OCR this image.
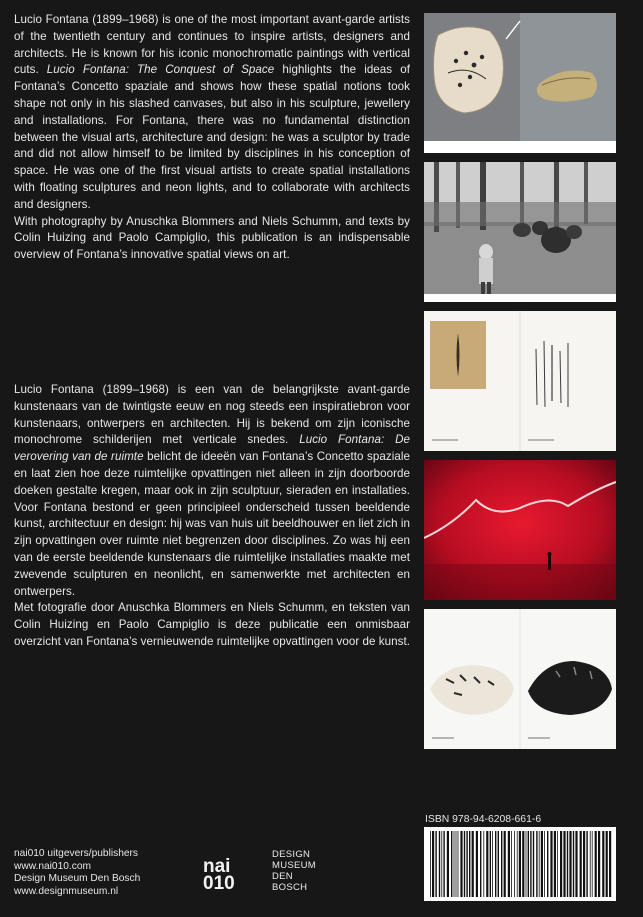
Lucio Fontana (1899–1968) is one of the most important avant-garde artists of the twentieth century and continues to inspire artists, designers and architects. He is known for his iconic monochromatic paintings with vertical cuts. Lucio Fontana: The Conquest of Space highlights the ideas of Fontana’s Concetto spaziale and shows how these spatial notions took shape not only in his slashed canvases, but also in his sculpture, jewellery and installations. For Fontana, there was no fundamental distinction between the visual arts, architecture and design: he was a sculptor by trade and did not allow himself to be limited by disciplines in his conception of space. He was one of the first visual artists to create spatial installations with floating sculptures and neon lights, and to collaborate with architects and designers.

With photography by Anuschka Blommers and Niels Schumm, and texts by Colin Huizing and Paolo Campiglio, this publication is an indispensable overview of Fontana’s innovative spatial views on art.

Lucio Fontana (1899–1968) is een van de belangrijkste avant-garde kunstenaars van de twintigste eeuw en nog steeds een inspiratiebron voor kunstenaars, ontwerpers en architecten. Hij is bekend om zijn iconische monochrome schilderijen met verticale snedes. Lucio Fontana: De verovering van de ruimte belicht de ideeën van Fontana’s Concetto spaziale en laat zien hoe deze ruimtelijke opvattingen niet alleen in zijn doorboorde doeken gestalte kregen, maar ook in zijn sculptuur, sieraden en installaties. Voor Fontana bestond er geen principieel onderscheid tussen beeldende kunst, architectuur en design: hij was van huis uit beeldhouwer en liet zich in zijn opvattingen over ruimte niet begrenzen door disciplines. Zo was hij een van de eerste beeldende kunstenaars die ruimtelijke installaties maakte met zwevende sculpturen en neonlicht, en samenwerkte met architecten en ontwerpers.

Met fotografie door Anuschka Blommers en Niels Schumm, en teksten van Colin Huizing en Paolo Campiglio is deze publicatie een onmisbaar overzicht van Fontana’s vernieuwende ruimtelijke opvattingen voor de kunst.

nai010 uitgevers/publishers
www.nai010.com
Design Museum Den Bosch
www.designmuseum.nl
nai
010
DESIGN
MUSEUM
DEN
BOSCH
ISBN 978-94-6208-661-6
